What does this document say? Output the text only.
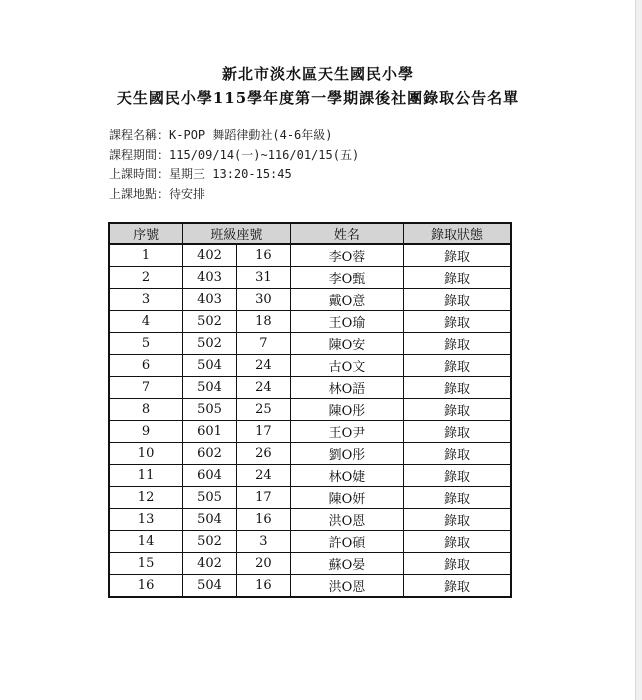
新北市淡水區天生國民小學
天生國民小學115學年度第一學期課後社團錄取公告名單
課程名稱：K-POP 舞蹈律動社(4-6年級)
課程期間：115/09/14(一)~116/01/15(五)
上課時間：星期三 13:20-15:45
上課地點：待安排
序號	班級座號		姓名	錄取狀態
1	402	16	李O蓉	錄取
2	403	31	李O甄	錄取
3	403	30	戴O意	錄取
4	502	18	王O瑜	錄取
5	502	7	陳O安	錄取
6	504	24	古O文	錄取
7	504	24	林O語	錄取
8	505	25	陳O彤	錄取
9	601	17	王O尹	錄取
10	602	26	劉O彤	錄取
11	604	24	林O婕	錄取
12	505	17	陳O妍	錄取
13	504	16	洪O恩	錄取
14	502	3	許O碩	錄取
15	402	20	蘇O晏	錄取
16	504	16	洪O恩	錄取
